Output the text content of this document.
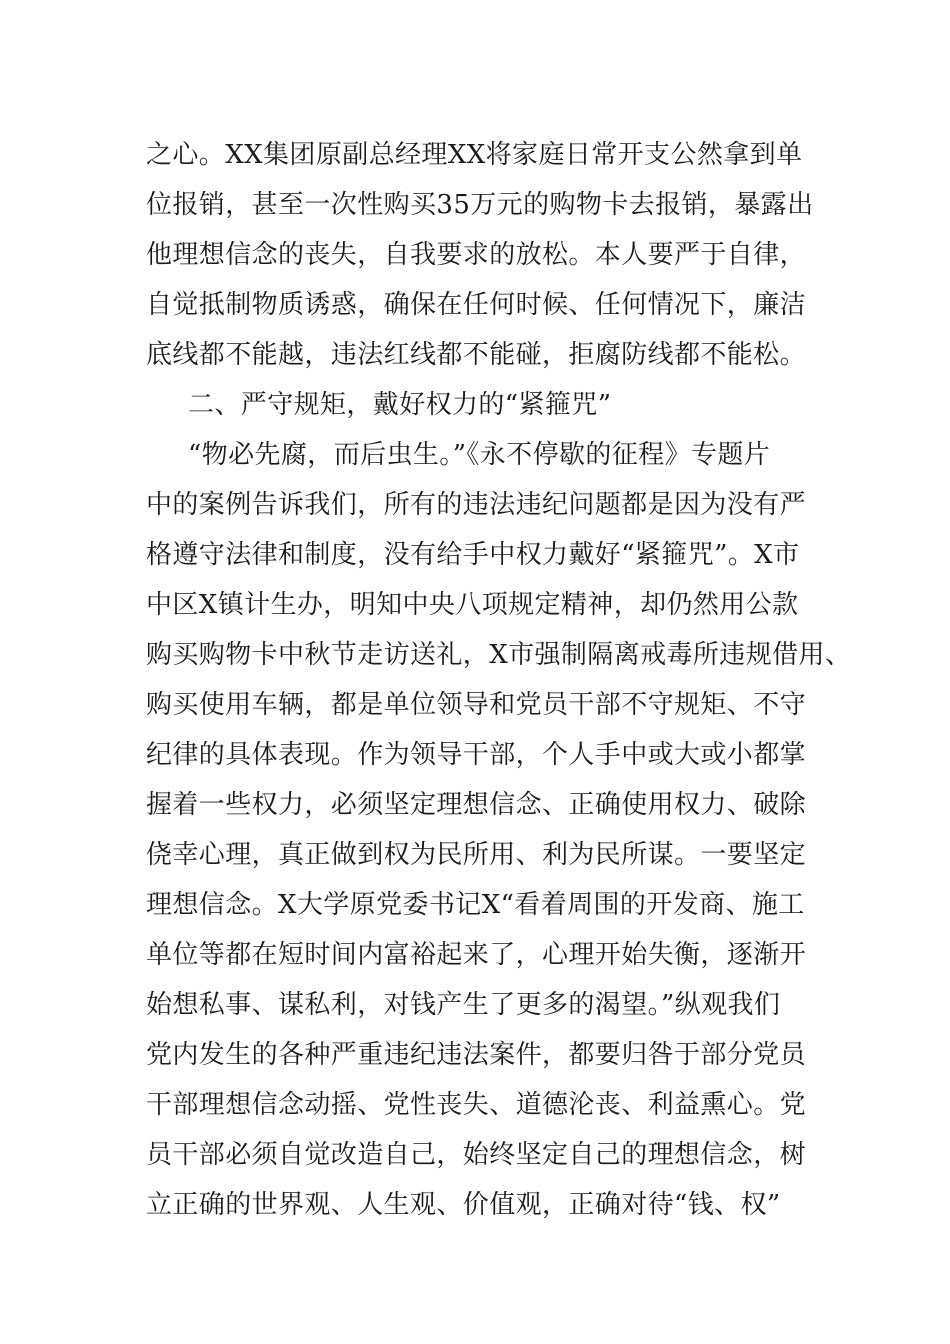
之心。XX集团原副总经理XX将家庭日常开支公然拿到单
位报销，甚至一次性购买35万元的购物卡去报销，暴露出
他理想信念的丧失，自我要求的放松。本人要严于自律，
自觉抵制物质诱惑，确保在任何时候、任何情况下，廉洁
底线都不能越，违法红线都不能碰，拒腐防线都不能松。
二、严守规矩，戴好权力的“紧箍咒”
“物必先腐，而后虫生。”《永不停歇的征程》专题片
中的案例告诉我们，所有的违法违纪问题都是因为没有严
格遵守法律和制度，没有给手中权力戴好“紧箍咒”。X市
中区X镇计生办，明知中央八项规定精神，却仍然用公款
购买购物卡中秋节走访送礼，X市强制隔离戒毒所违规借用、
购买使用车辆，都是单位领导和党员干部不守规矩、不守
纪律的具体表现。作为领导干部，个人手中或大或小都掌
握着一些权力，必须坚定理想信念、正确使用权力、破除
侥幸心理，真正做到权为民所用、利为民所谋。一要坚定
理想信念。X大学原党委书记X“看着周围的开发商、施工
单位等都在短时间内富裕起来了，心理开始失衡，逐渐开
始想私事、谋私利，对钱产生了更多的渴望。”纵观我们
党内发生的各种严重违纪违法案件，都要归咎于部分党员
干部理想信念动摇、党性丧失、道德沦丧、利益熏心。党
员干部必须自觉改造自己，始终坚定自己的理想信念，树
立正确的世界观、人生观、价值观，正确对待“钱、权”
